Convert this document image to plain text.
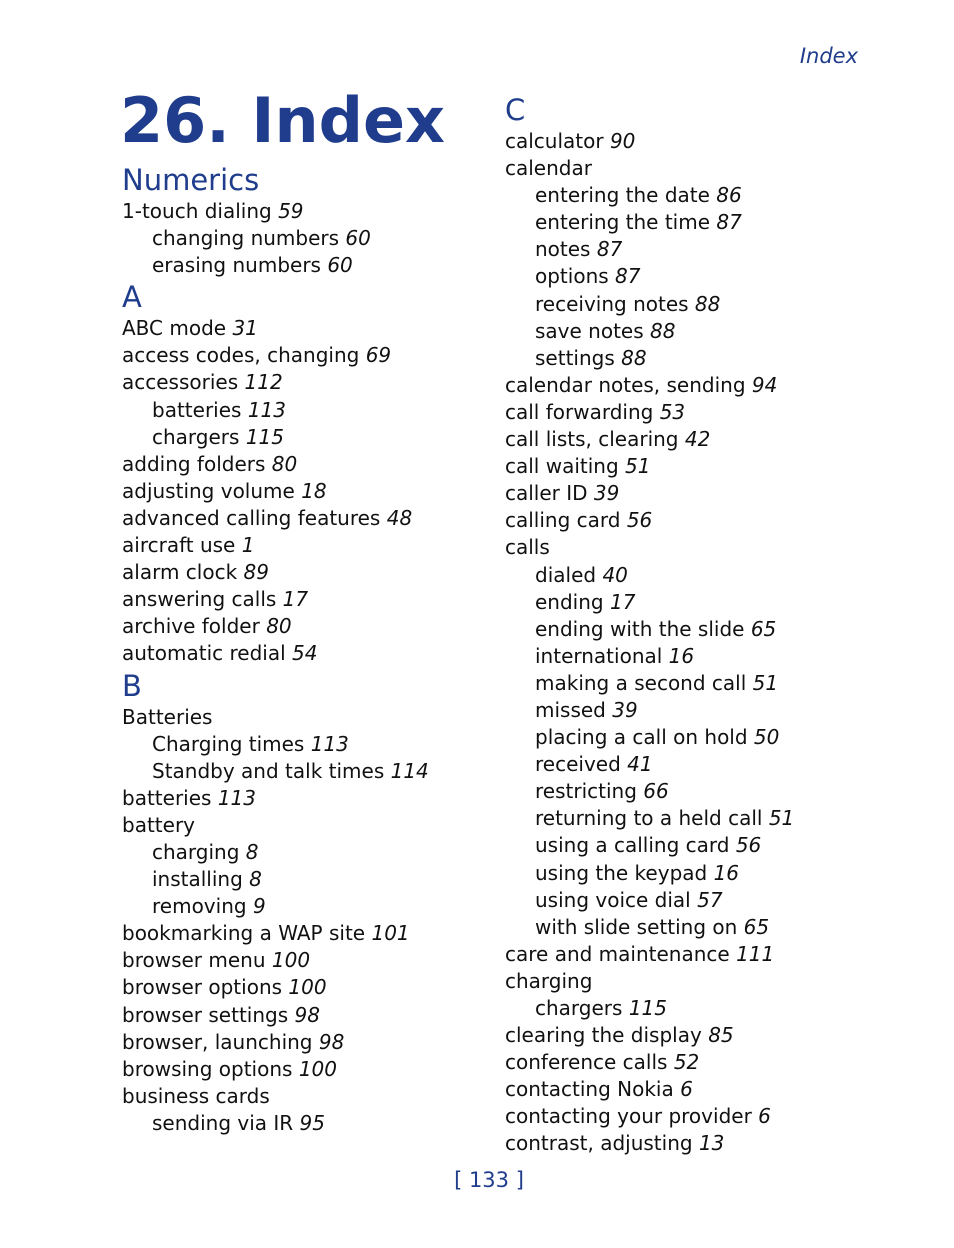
Index
26. Index
Numerics
1-touch dialing 59
changing numbers 60
erasing numbers 60
A
ABC mode 31
access codes, changing 69
accessories 112
batteries 113
chargers 115
adding folders 80
adjusting volume 18
advanced calling features 48
aircraft use 1
alarm clock 89
answering calls 17
archive folder 80
automatic redial 54
B
Batteries
Charging times 113
Standby and talk times 114
batteries 113
battery
charging 8
installing 8
removing 9
bookmarking a WAP site 101
browser menu 100
browser options 100
browser settings 98
browser, launching 98
browsing options 100
business cards
sending via IR 95
C
calculator 90
calendar
entering the date 86
entering the time 87
notes 87
options 87
receiving notes 88
save notes 88
settings 88
calendar notes, sending 94
call forwarding 53
call lists, clearing 42
call waiting 51
caller ID 39
calling card 56
calls
dialed 40
ending 17
ending with the slide 65
international 16
making a second call 51
missed 39
placing a call on hold 50
received 41
restricting 66
returning to a held call 51
using a calling card 56
using the keypad 16
using voice dial 57
with slide setting on 65
care and maintenance 111
charging
chargers 115
clearing the display 85
conference calls 52
contacting Nokia 6
contacting your provider 6
contrast, adjusting 13
[ 133 ]
